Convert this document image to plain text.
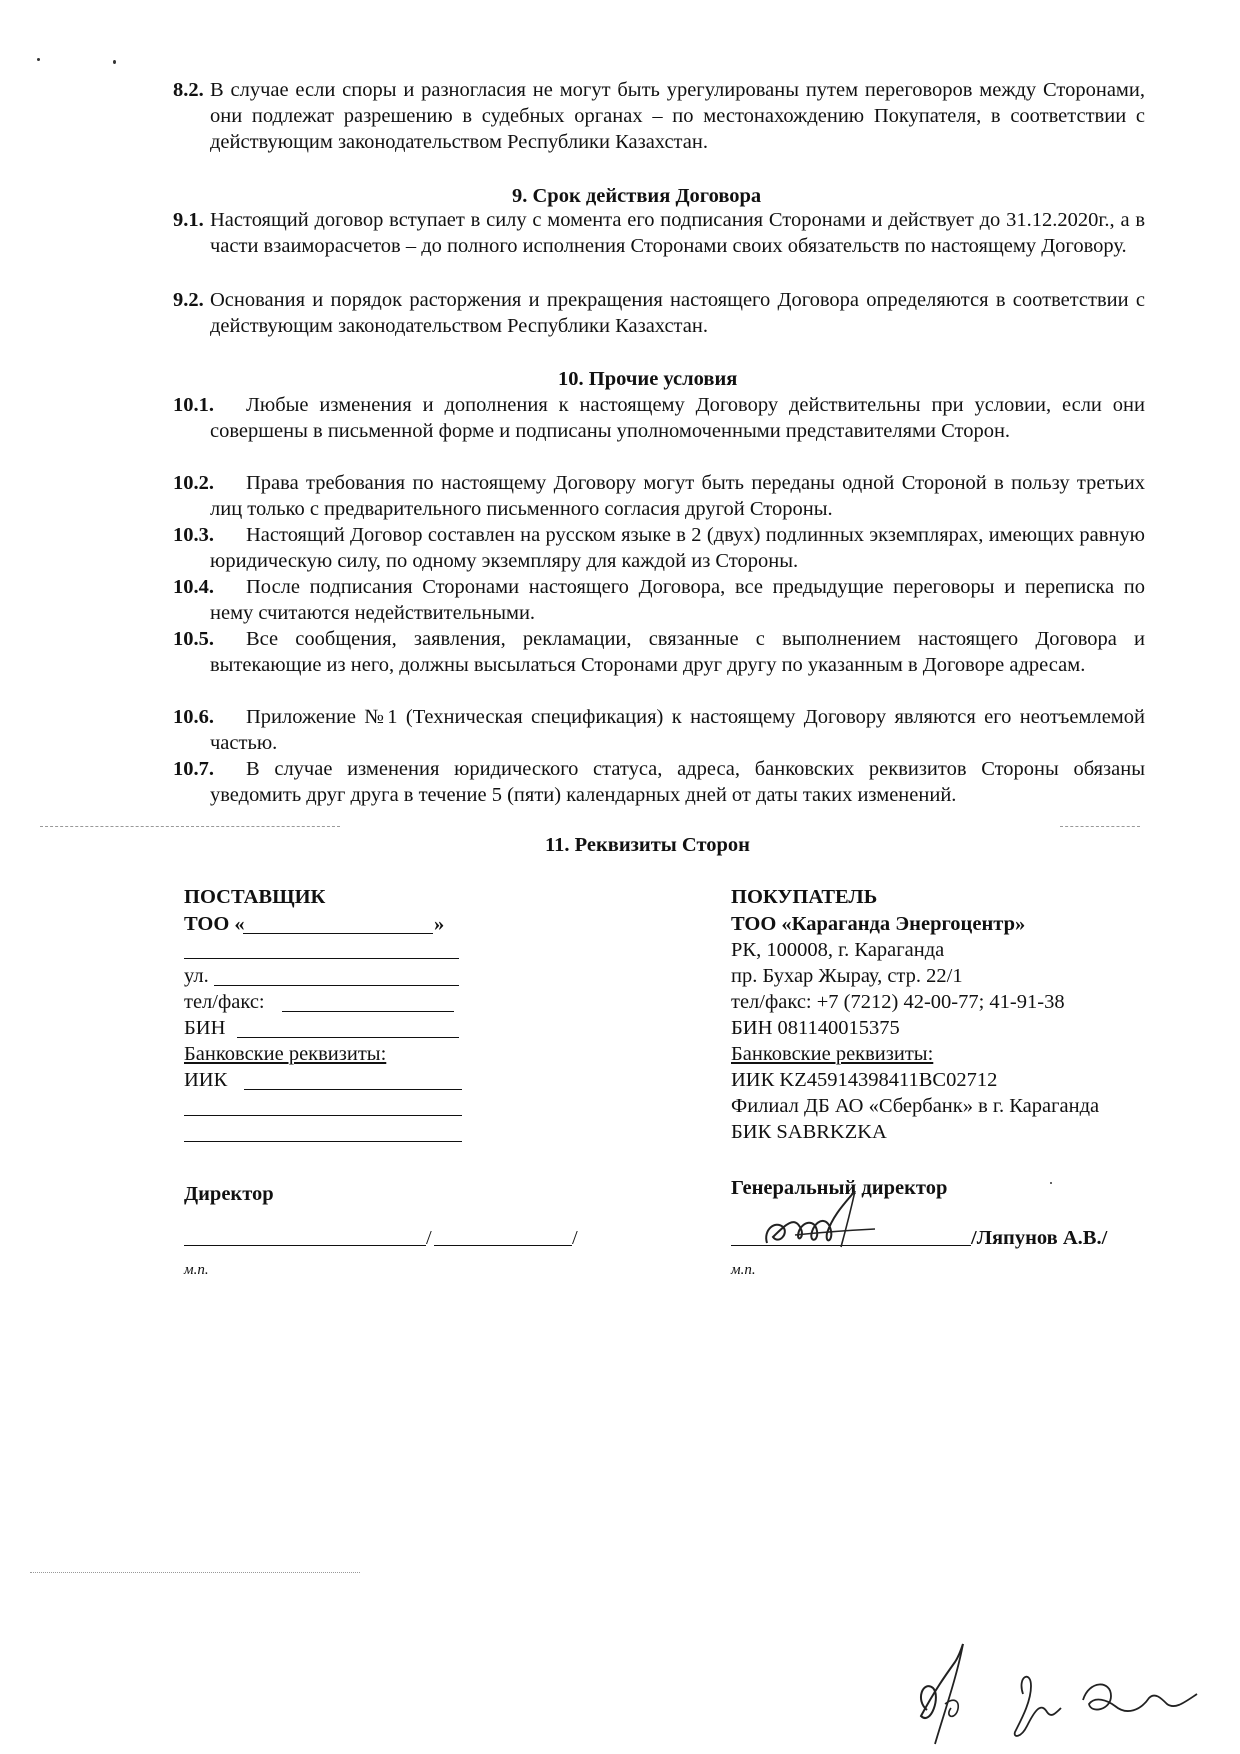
8.2. В случае если споры и разногласия не могут быть урегулированы путем переговоров между Сторонами, они подлежат разрешению в судебных органах – по местонахождению Покупателя, в соответствии с действующим законодательством Республики Казахстан.
9. Срок действия Договора
9.1. Настоящий договор вступает в силу с момента его подписания Сторонами и действует до 31.12.2020г., а в части взаиморасчетов – до полного исполнения Сторонами своих обязательств по настоящему Договору.
9.2. Основания и порядок расторжения и прекращения настоящего Договора определяются в соответствии с действующим законодательством Республики Казахстан.
10. Прочие условия
10.1.	Любые изменения и дополнения к настоящему Договору действительны при условии, если они совершены в письменной форме и подписаны уполномоченными представителями Сторон.
10.2.	Права требования по настоящему Договору могут быть переданы одной Стороной в пользу третьих лиц только с предварительного письменного согласия другой Стороны.
10.3.	Настоящий Договор составлен на русском языке в 2 (двух) подлинных экземплярах, имеющих равную юридическую силу, по одному экземпляру для каждой из Стороны.
10.4.	После подписания Сторонами настоящего Договора, все предыдущие переговоры и переписка по нему считаются недействительными.
10.5.	Все сообщения, заявления, рекламации, связанные с выполнением настоящего Договора и вытекающие из него, должны высылаться Сторонами друг другу по указанным в Договоре адресам.
10.6.	Приложение №1 (Техническая спецификация) к настоящему Договору являются его неотъемлемой частью.
10.7.	В случае изменения юридического статуса, адреса, банковских реквизитов Стороны обязаны уведомить друг друга в течение 5 (пяти) календарных дней от даты таких изменений.
11. Реквизиты Сторон
ПОСТАВЩИК
ТОО «	»
ул.
тел/факс:
БИН
Банковские реквизиты:
ИИК
Директор
/	/
м.п.
ПОКУПАТЕЛЬ
ТОО «Караганда Энергоцентр»
РК, 100008, г. Караганда
пр. Бухар Жырау, стр. 22/1
тел/факс: +7 (7212) 42-00-77; 41-91-38
БИН 081140015375
Банковские реквизиты:
ИИК KZ45914398411BC02712
Филиал ДБ АО «Сбербанк» в г. Караганда
БИК SABRKZKA
Генеральный директор
/Ляпунов А.В./
м.п.
